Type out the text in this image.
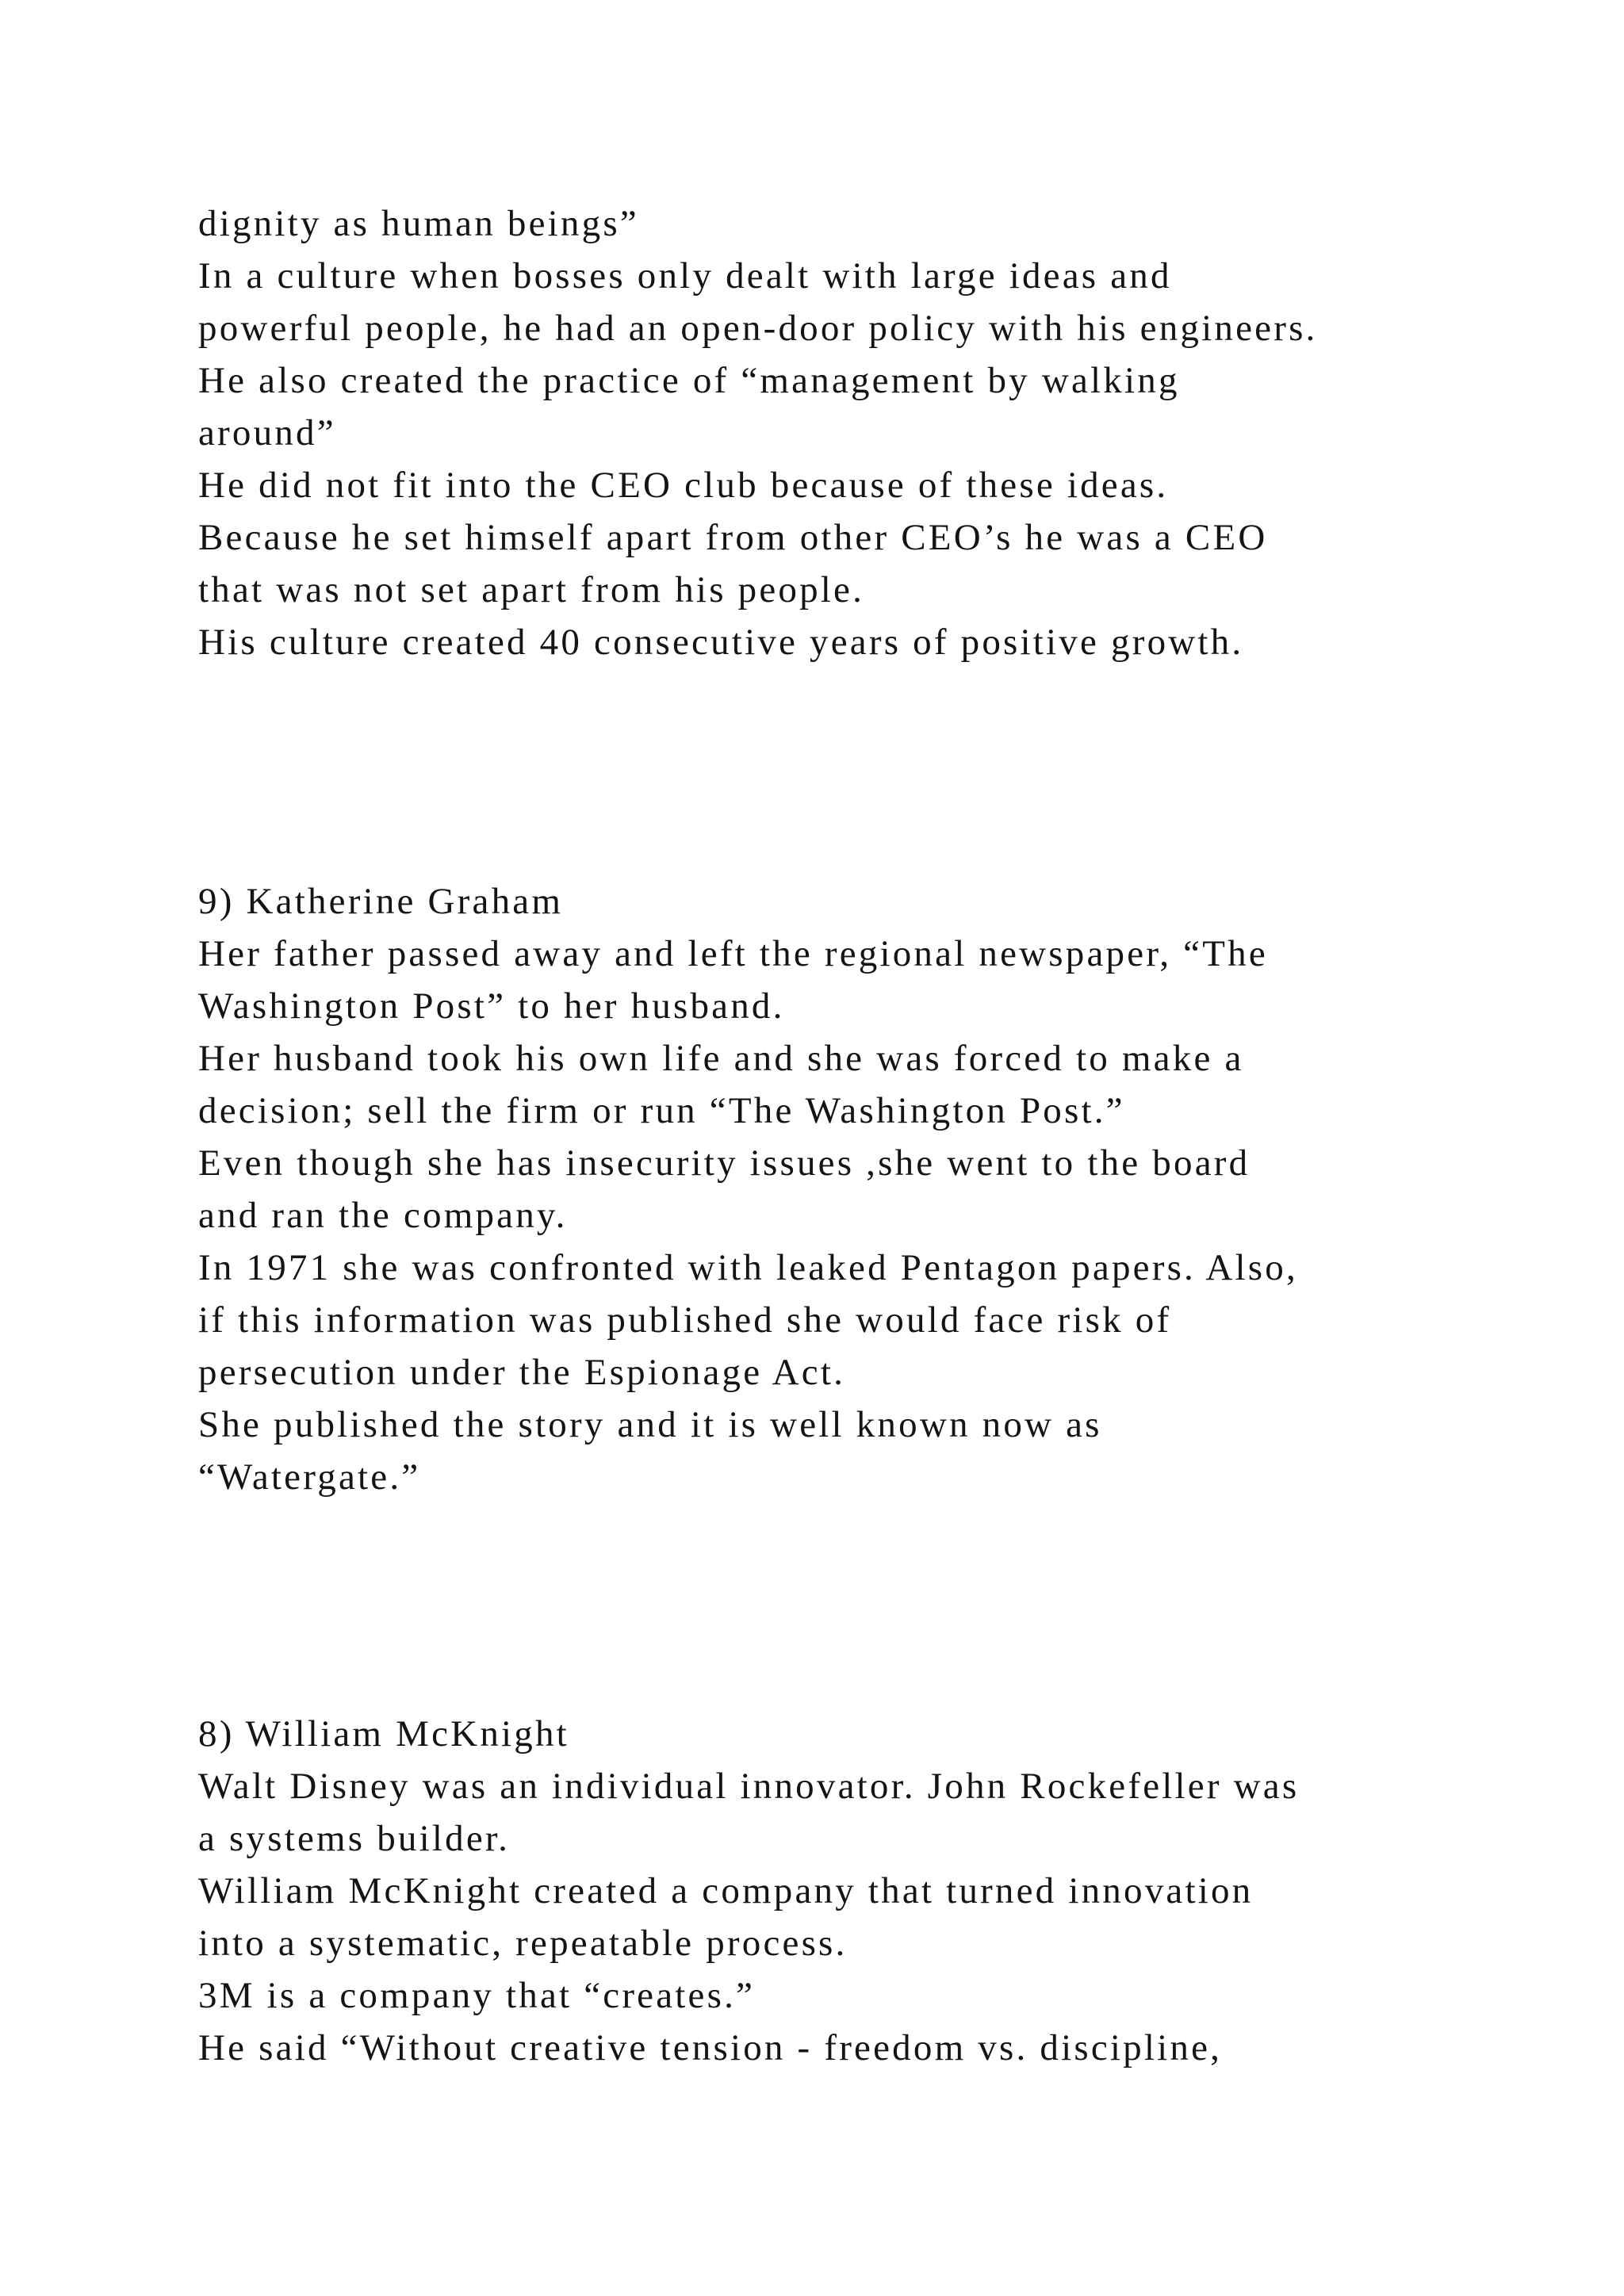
dignity as human beings”
In a culture when bosses only dealt with large ideas and
powerful people, he had an open-door policy with his engineers.
He also created the practice of “management by walking
around”
He did not fit into the CEO club because of these ideas.
Because he set himself apart from other CEO’s he was a CEO
that was not set apart from his people.
His culture created 40 consecutive years of positive growth.
9) Katherine Graham
Her father passed away and left the regional newspaper, “The
Washington Post” to her husband.
Her husband took his own life and she was forced to make a
decision; sell the firm or run “The Washington Post.”
Even though she has insecurity issues ,she went to the board
and ran the company.
In 1971 she was confronted with leaked Pentagon papers. Also,
if this information was published she would face risk of
persecution under the Espionage Act.
She published the story and it is well known now as
“Watergate.”
8) William McKnight
Walt Disney was an individual innovator. John Rockefeller was
a systems builder.
William McKnight created a company that turned innovation
into a systematic, repeatable process.
3M is a company that “creates.”
He said “Without creative tension - freedom vs. discipline,
